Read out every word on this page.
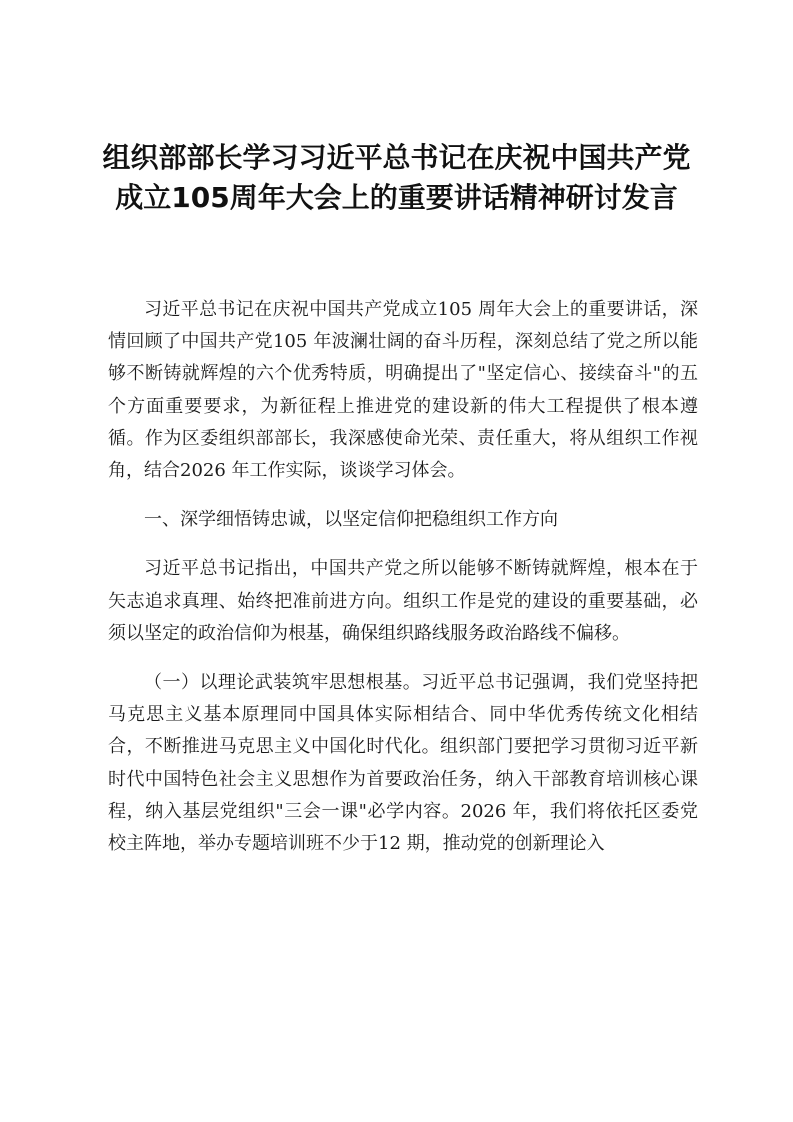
组织部部长学习习近平总书记在庆祝中国共产党成立105周年大会上的重要讲话精神研讨发言

习近平总书记在庆祝中国共产党成立105 周年大会上的重要讲话，深情回顾了中国共产党105 年波澜壮阔的奋斗历程，深刻总结了党之所以能够不断铸就辉煌的六个优秀特质，明确提出了"坚定信心、接续奋斗"的五个方面重要要求，为新征程上推进党的建设新的伟大工程提供了根本遵循。作为区委组织部部长，我深感使命光荣、责任重大，将从组织工作视角，结合2026 年工作实际，谈谈学习体会。

一、深学细悟铸忠诚，以坚定信仰把稳组织工作方向

习近平总书记指出，中国共产党之所以能够不断铸就辉煌，根本在于矢志追求真理、始终把准前进方向。组织工作是党的建设的重要基础，必须以坚定的政治信仰为根基，确保组织路线服务政治路线不偏移。

（一）以理论武装筑牢思想根基。习近平总书记强调，我们党坚持把马克思主义基本原理同中国具体实际相结合、同中华优秀传统文化相结合，不断推进马克思主义中国化时代化。组织部门要把学习贯彻习近平新时代中国特色社会主义思想作为首要政治任务，纳入干部教育培训核心课程，纳入基层党组织"三会一课"必学内容。2026 年，我们将依托区委党校主阵地，举办专题培训班不少于12 期，推动党的创新理论入
